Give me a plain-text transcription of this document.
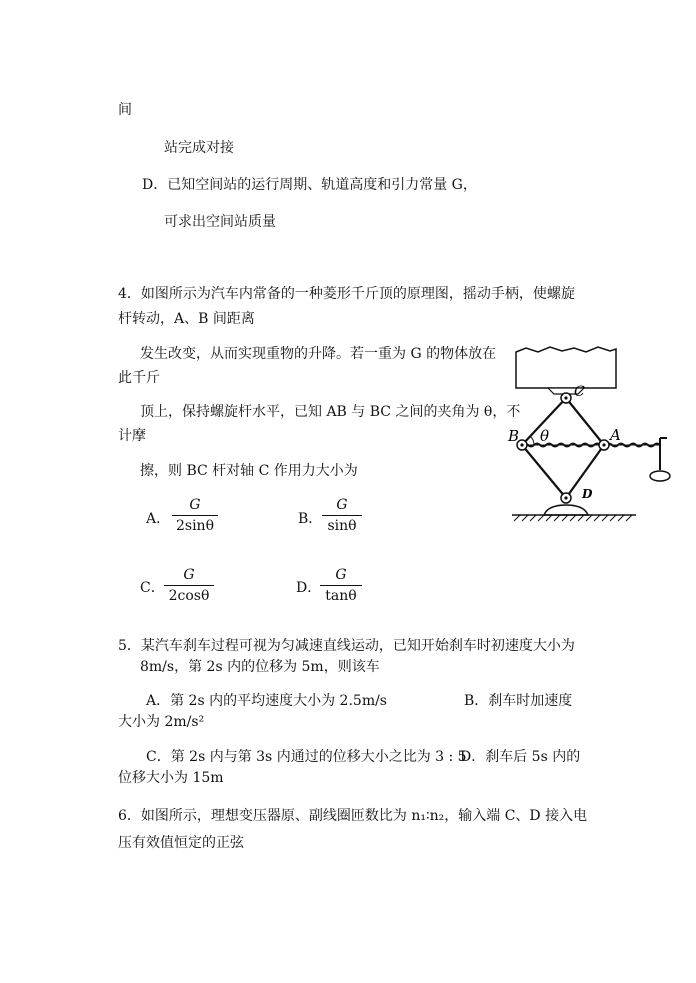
间
站完成对接
D．已知空间站的运行周期、轨道高度和引力常量 G，
可求出空间站质量
4．如图所示为汽车内常备的一种菱形千斤顶的原理图，摇动手柄，使螺旋
杆转动，A、B 间距离
发生改变，从而实现重物的升降。若一重为 G 的物体放在
此千斤
顶上，保持螺旋杆水平，已知 AB 与 BC 之间的夹角为 θ，不
计摩
擦，则 BC 杆对轴 C 作用力大小为
A．
G
2sinθ	B．
G
sinθ
C．
G
2cosθ	D．
G
tanθ
C
B	A
D
θ
5．某汽车刹车过程可视为匀减速直线运动，已知开始刹车时初速度大小为
8m/s，第 2s 内的位移为 5m，则该车
A．第 2s 内的平均速度大小为 2.5m/s	B．刹车时加速度
大小为 2m/s²
C．第 2s 内与第 3s 内通过的位移大小之比为 3 : 5
D．刹车后 5s 内的
位移大小为 15m
6．如图所示，理想变压器原、副线圈匝数比为 n₁∶n₂，输入端 C、D 接入电
压有效值恒定的正弦
